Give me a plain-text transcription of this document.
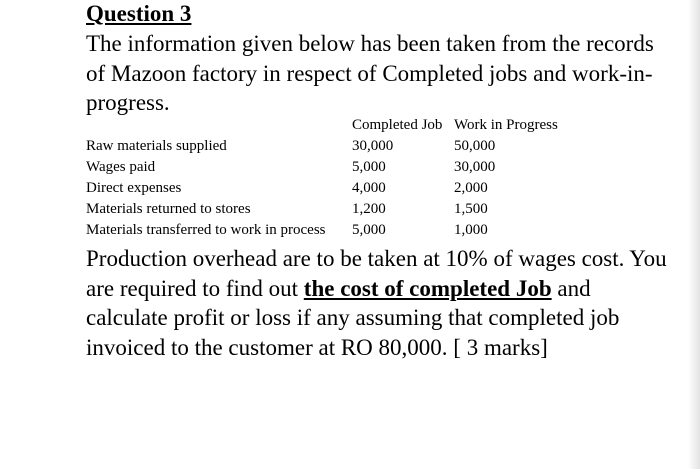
Question 3
The information given below has been taken from the records of Mazoon factory in respect of Completed jobs and work-in-progress.
	Completed Job	Work in Progress
Raw materials supplied	30,000	50,000
Wages paid	5,000	30,000
Direct expenses	4,000	2,000
Materials returned to stores	1,200	1,500
Materials transferred to work in process	5,000	1,000
Production overhead are to be taken at 10% of wages cost. You are required to find out the cost of completed Job and calculate profit or loss if any assuming that completed job invoiced to the customer at RO 80,000. [ 3 marks]
